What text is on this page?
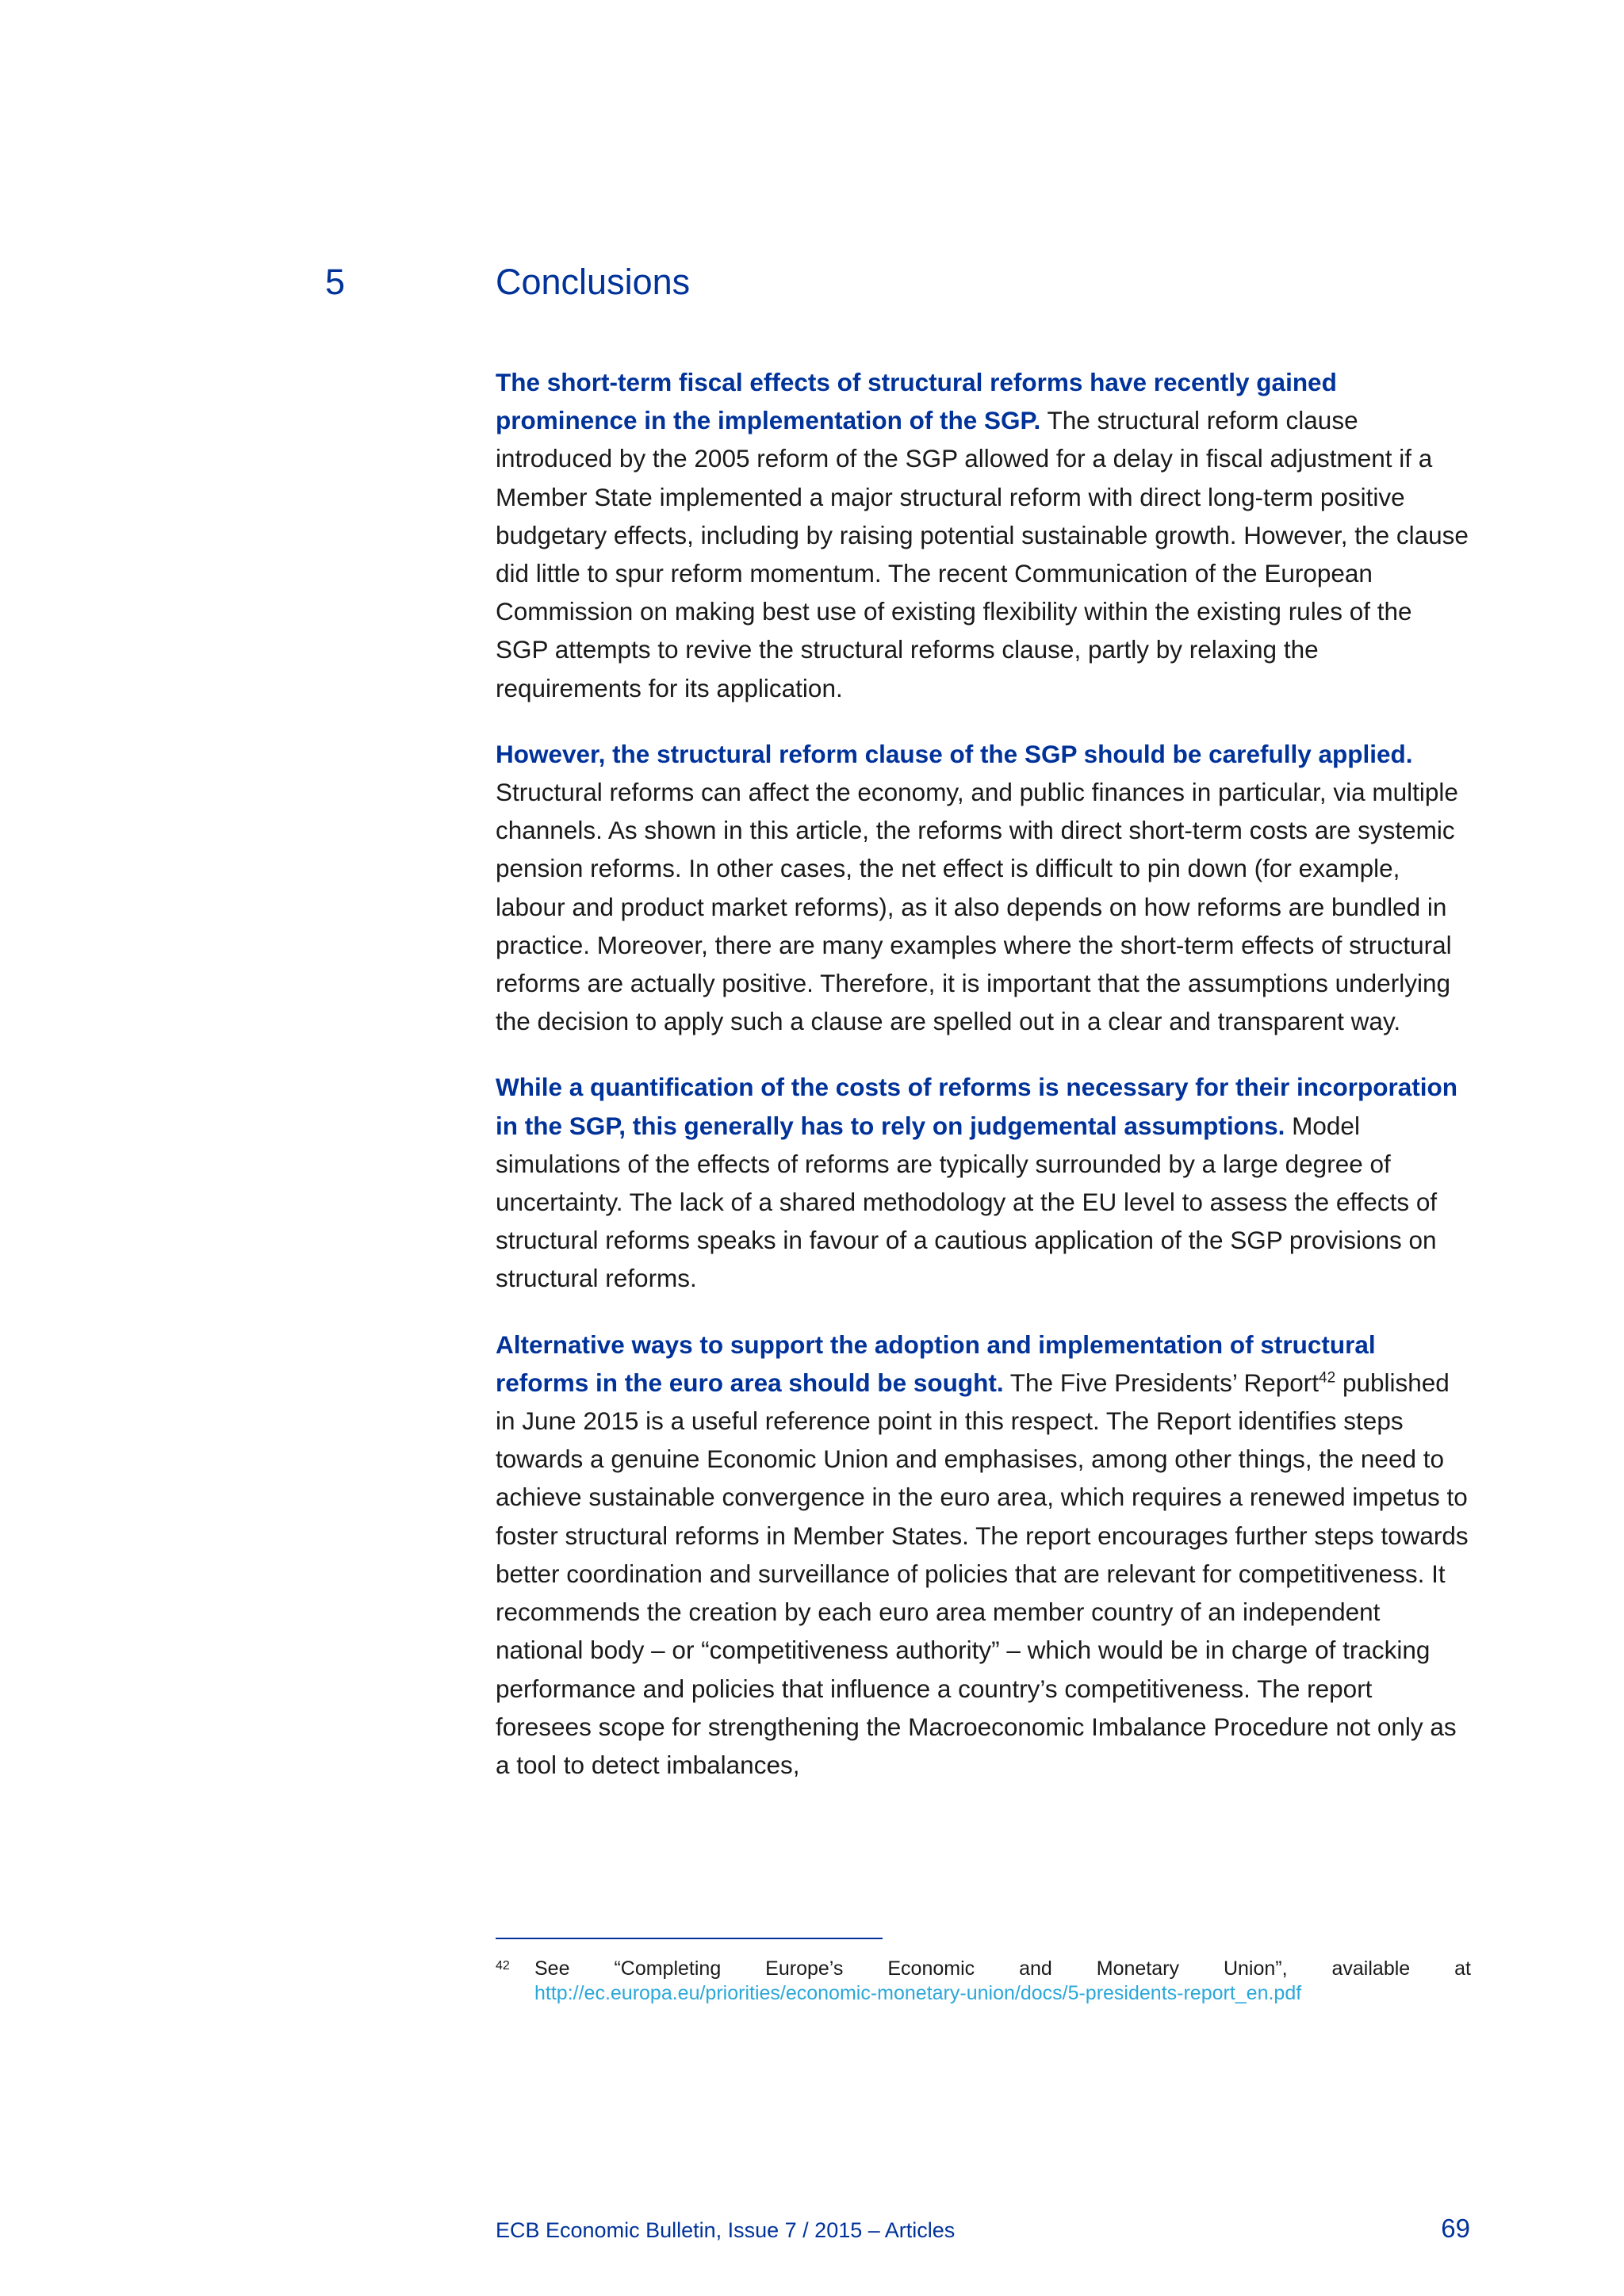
5	Conclusions

The short-term fiscal effects of structural reforms have recently gained prominence in the implementation of the SGP. The structural reform clause introduced by the 2005 reform of the SGP allowed for a delay in fiscal adjustment if a Member State implemented a major structural reform with direct long-term positive budgetary effects, including by raising potential sustainable growth. However, the clause did little to spur reform momentum. The recent Communication of the European Commission on making best use of existing flexibility within the existing rules of the SGP attempts to revive the structural reforms clause, partly by relaxing the requirements for its application.

However, the structural reform clause of the SGP should be carefully applied. Structural reforms can affect the economy, and public finances in particular, via multiple channels. As shown in this article, the reforms with direct short-term costs are systemic pension reforms. In other cases, the net effect is difficult to pin down (for example, labour and product market reforms), as it also depends on how reforms are bundled in practice. Moreover, there are many examples where the short-term effects of structural reforms are actually positive. Therefore, it is important that the assumptions underlying the decision to apply such a clause are spelled out in a clear and transparent way.

While a quantification of the costs of reforms is necessary for their incorporation in the SGP, this generally has to rely on judgemental assumptions. Model simulations of the effects of reforms are typically surrounded by a large degree of uncertainty. The lack of a shared methodology at the EU level to assess the effects of structural reforms speaks in favour of a cautious application of the SGP provisions on structural reforms.

Alternative ways to support the adoption and implementation of structural reforms in the euro area should be sought. The Five Presidents’ Report$^{42}$ published in June 2015 is a useful reference point in this respect. The Report identifies steps towards a genuine Economic Union and emphasises, among other things, the need to achieve sustainable convergence in the euro area, which requires a renewed impetus to foster structural reforms in Member States. The report encourages further steps towards better coordination and surveillance of policies that are relevant for competitiveness. It recommends the creation by each euro area member country of an independent national body – or “competitiveness authority” – which would be in charge of tracking performance and policies that influence a country’s competitiveness. The report foresees scope for strengthening the Macroeconomic Imbalance Procedure not only as a tool to detect imbalances,

42 See “Completing Europe’s Economic and Monetary Union”, available at http://ec.europa.eu/priorities/economic-monetary-union/docs/5-presidents-report_en.pdf
ECB Economic Bulletin, Issue 7 / 2015 – Articles	69
